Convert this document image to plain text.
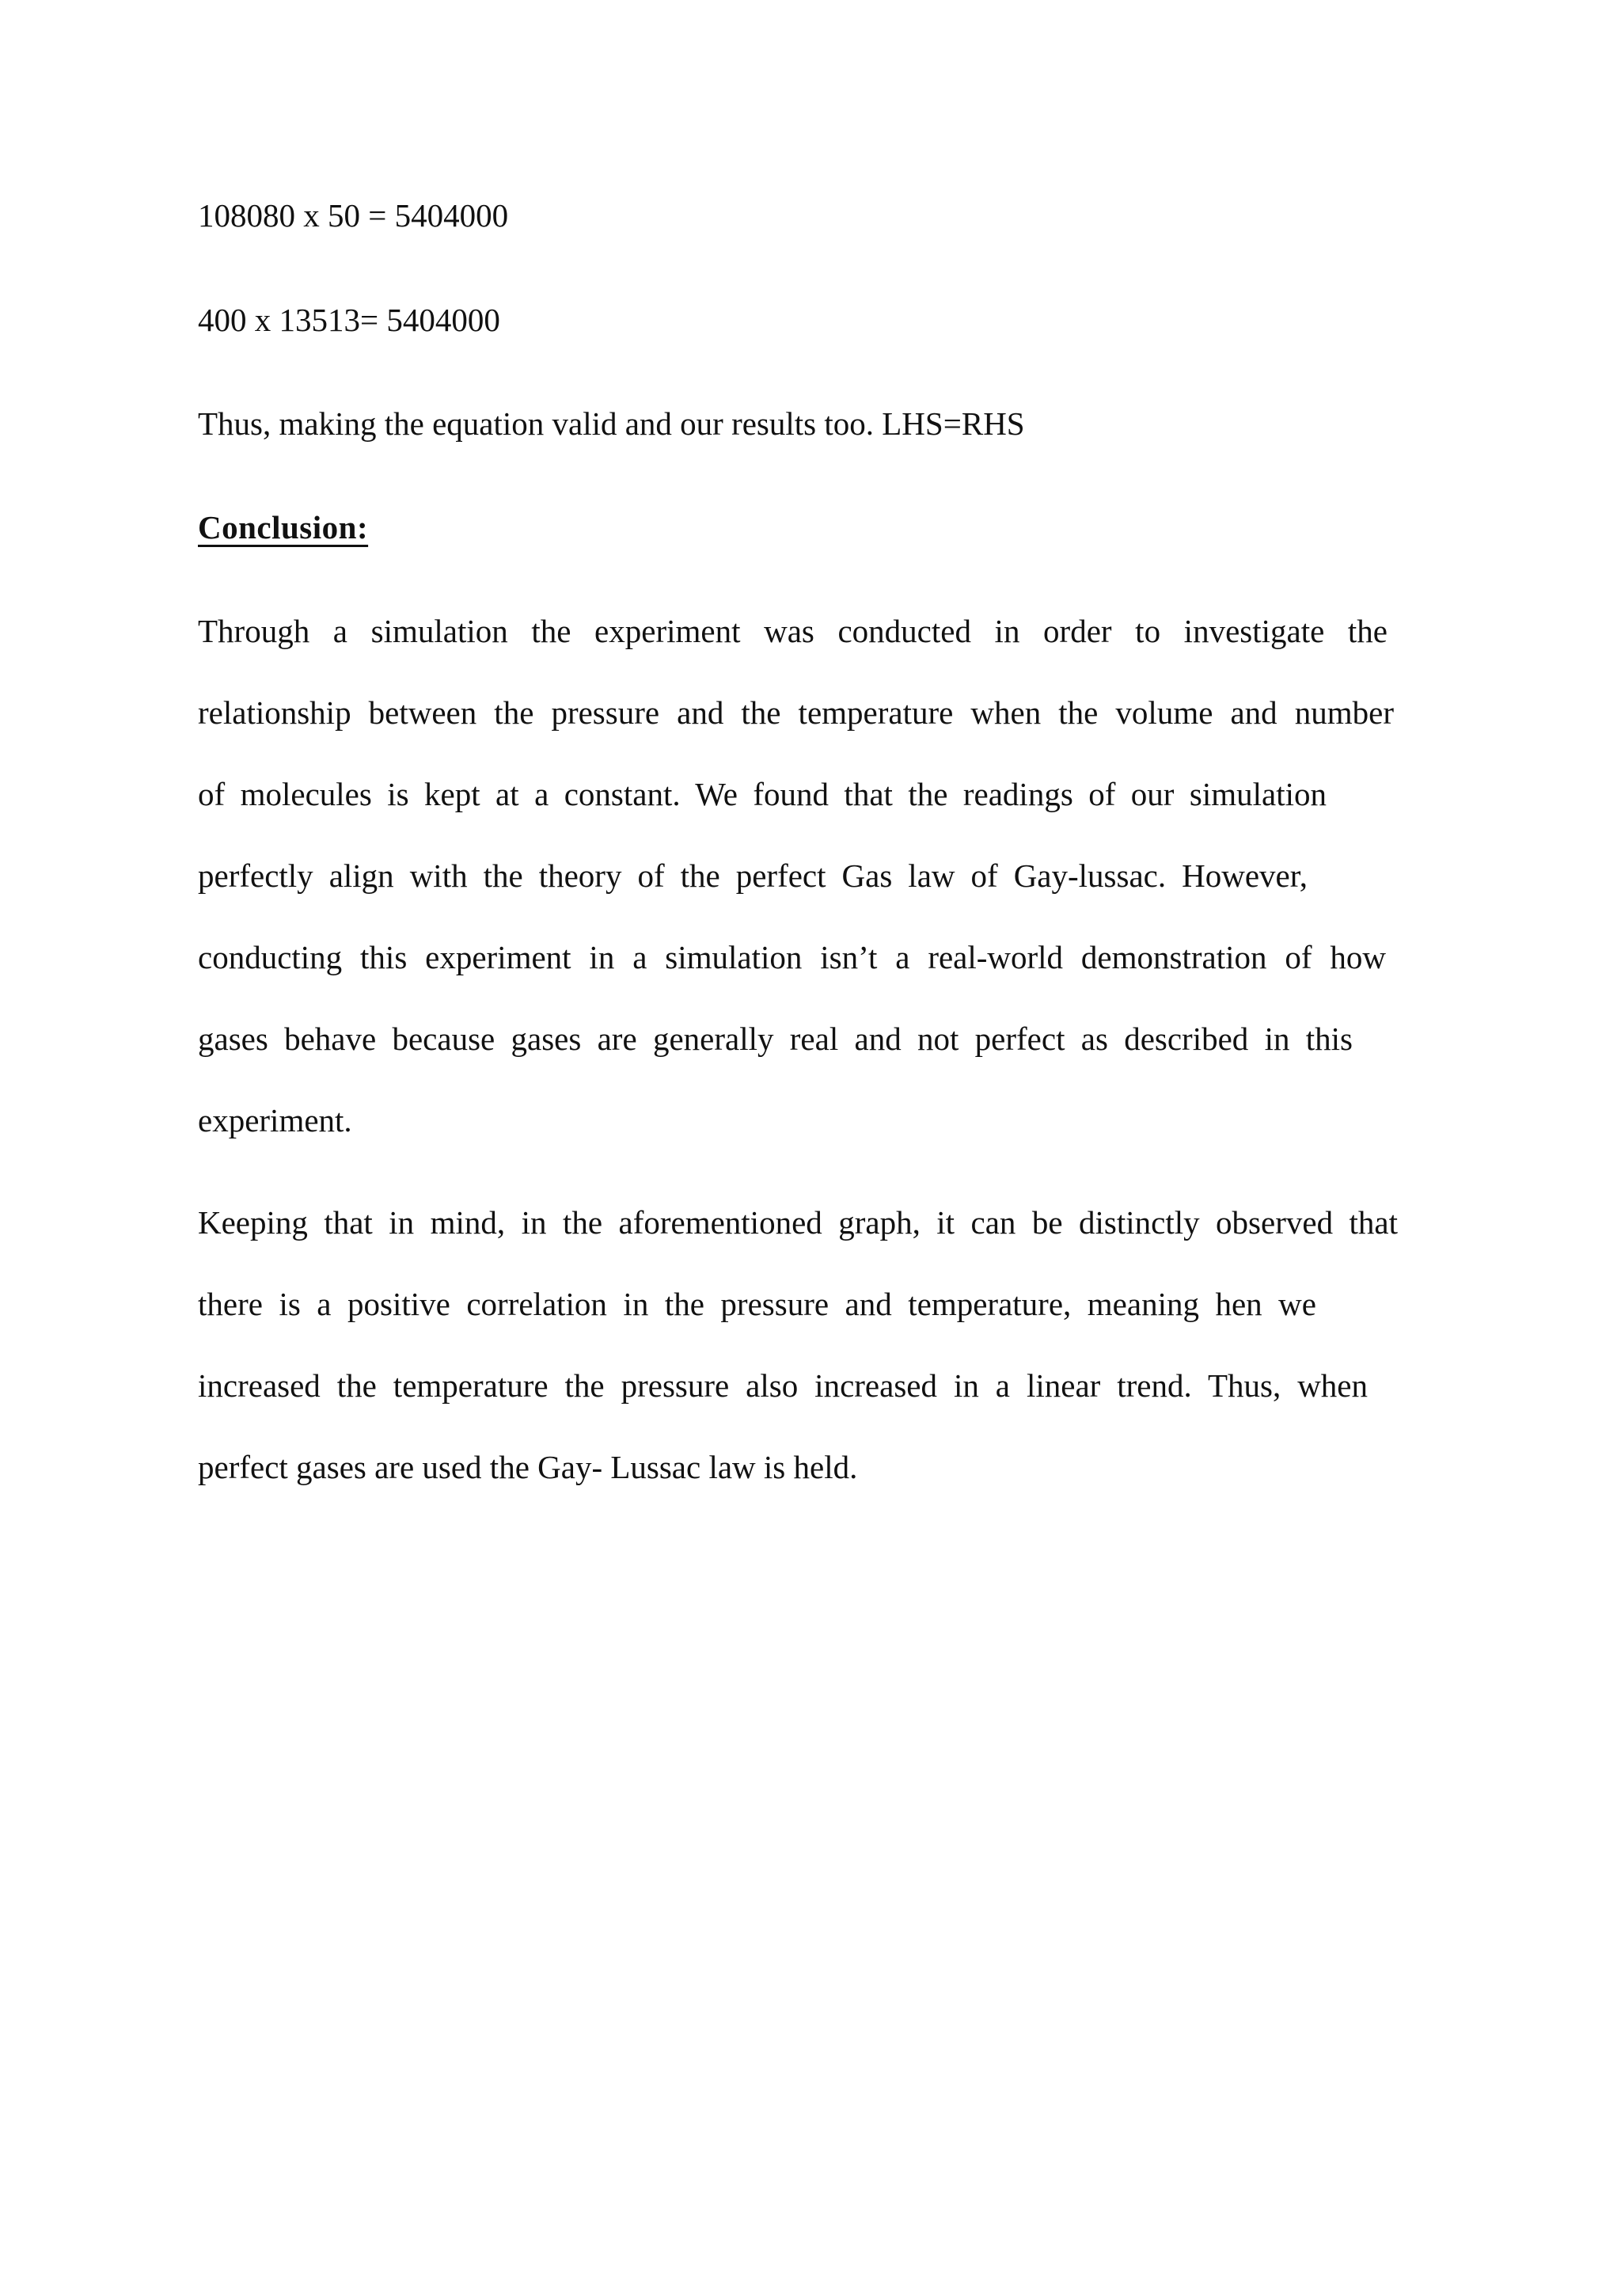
108080 x 50 = 5404000

400 x 13513= 5404000

Thus, making the equation valid and our results too. LHS=RHS

Conclusion:

Through a simulation the experiment was conducted in order to investigate the

relationship between the pressure and the temperature when the volume and number

of molecules is kept at a constant. We found that the readings of our simulation

perfectly align with the theory of the perfect Gas law of Gay-lussac. However,

conducting this experiment in a simulation isn’t a real-world demonstration of how

gases behave because gases are generally real and not perfect as described in this

experiment.

Keeping that in mind, in the aforementioned graph, it can be distinctly observed that

there is a positive correlation in the pressure and temperature, meaning hen we

increased the temperature the pressure also increased in a linear trend. Thus, when

perfect gases are used the Gay- Lussac law is held.
